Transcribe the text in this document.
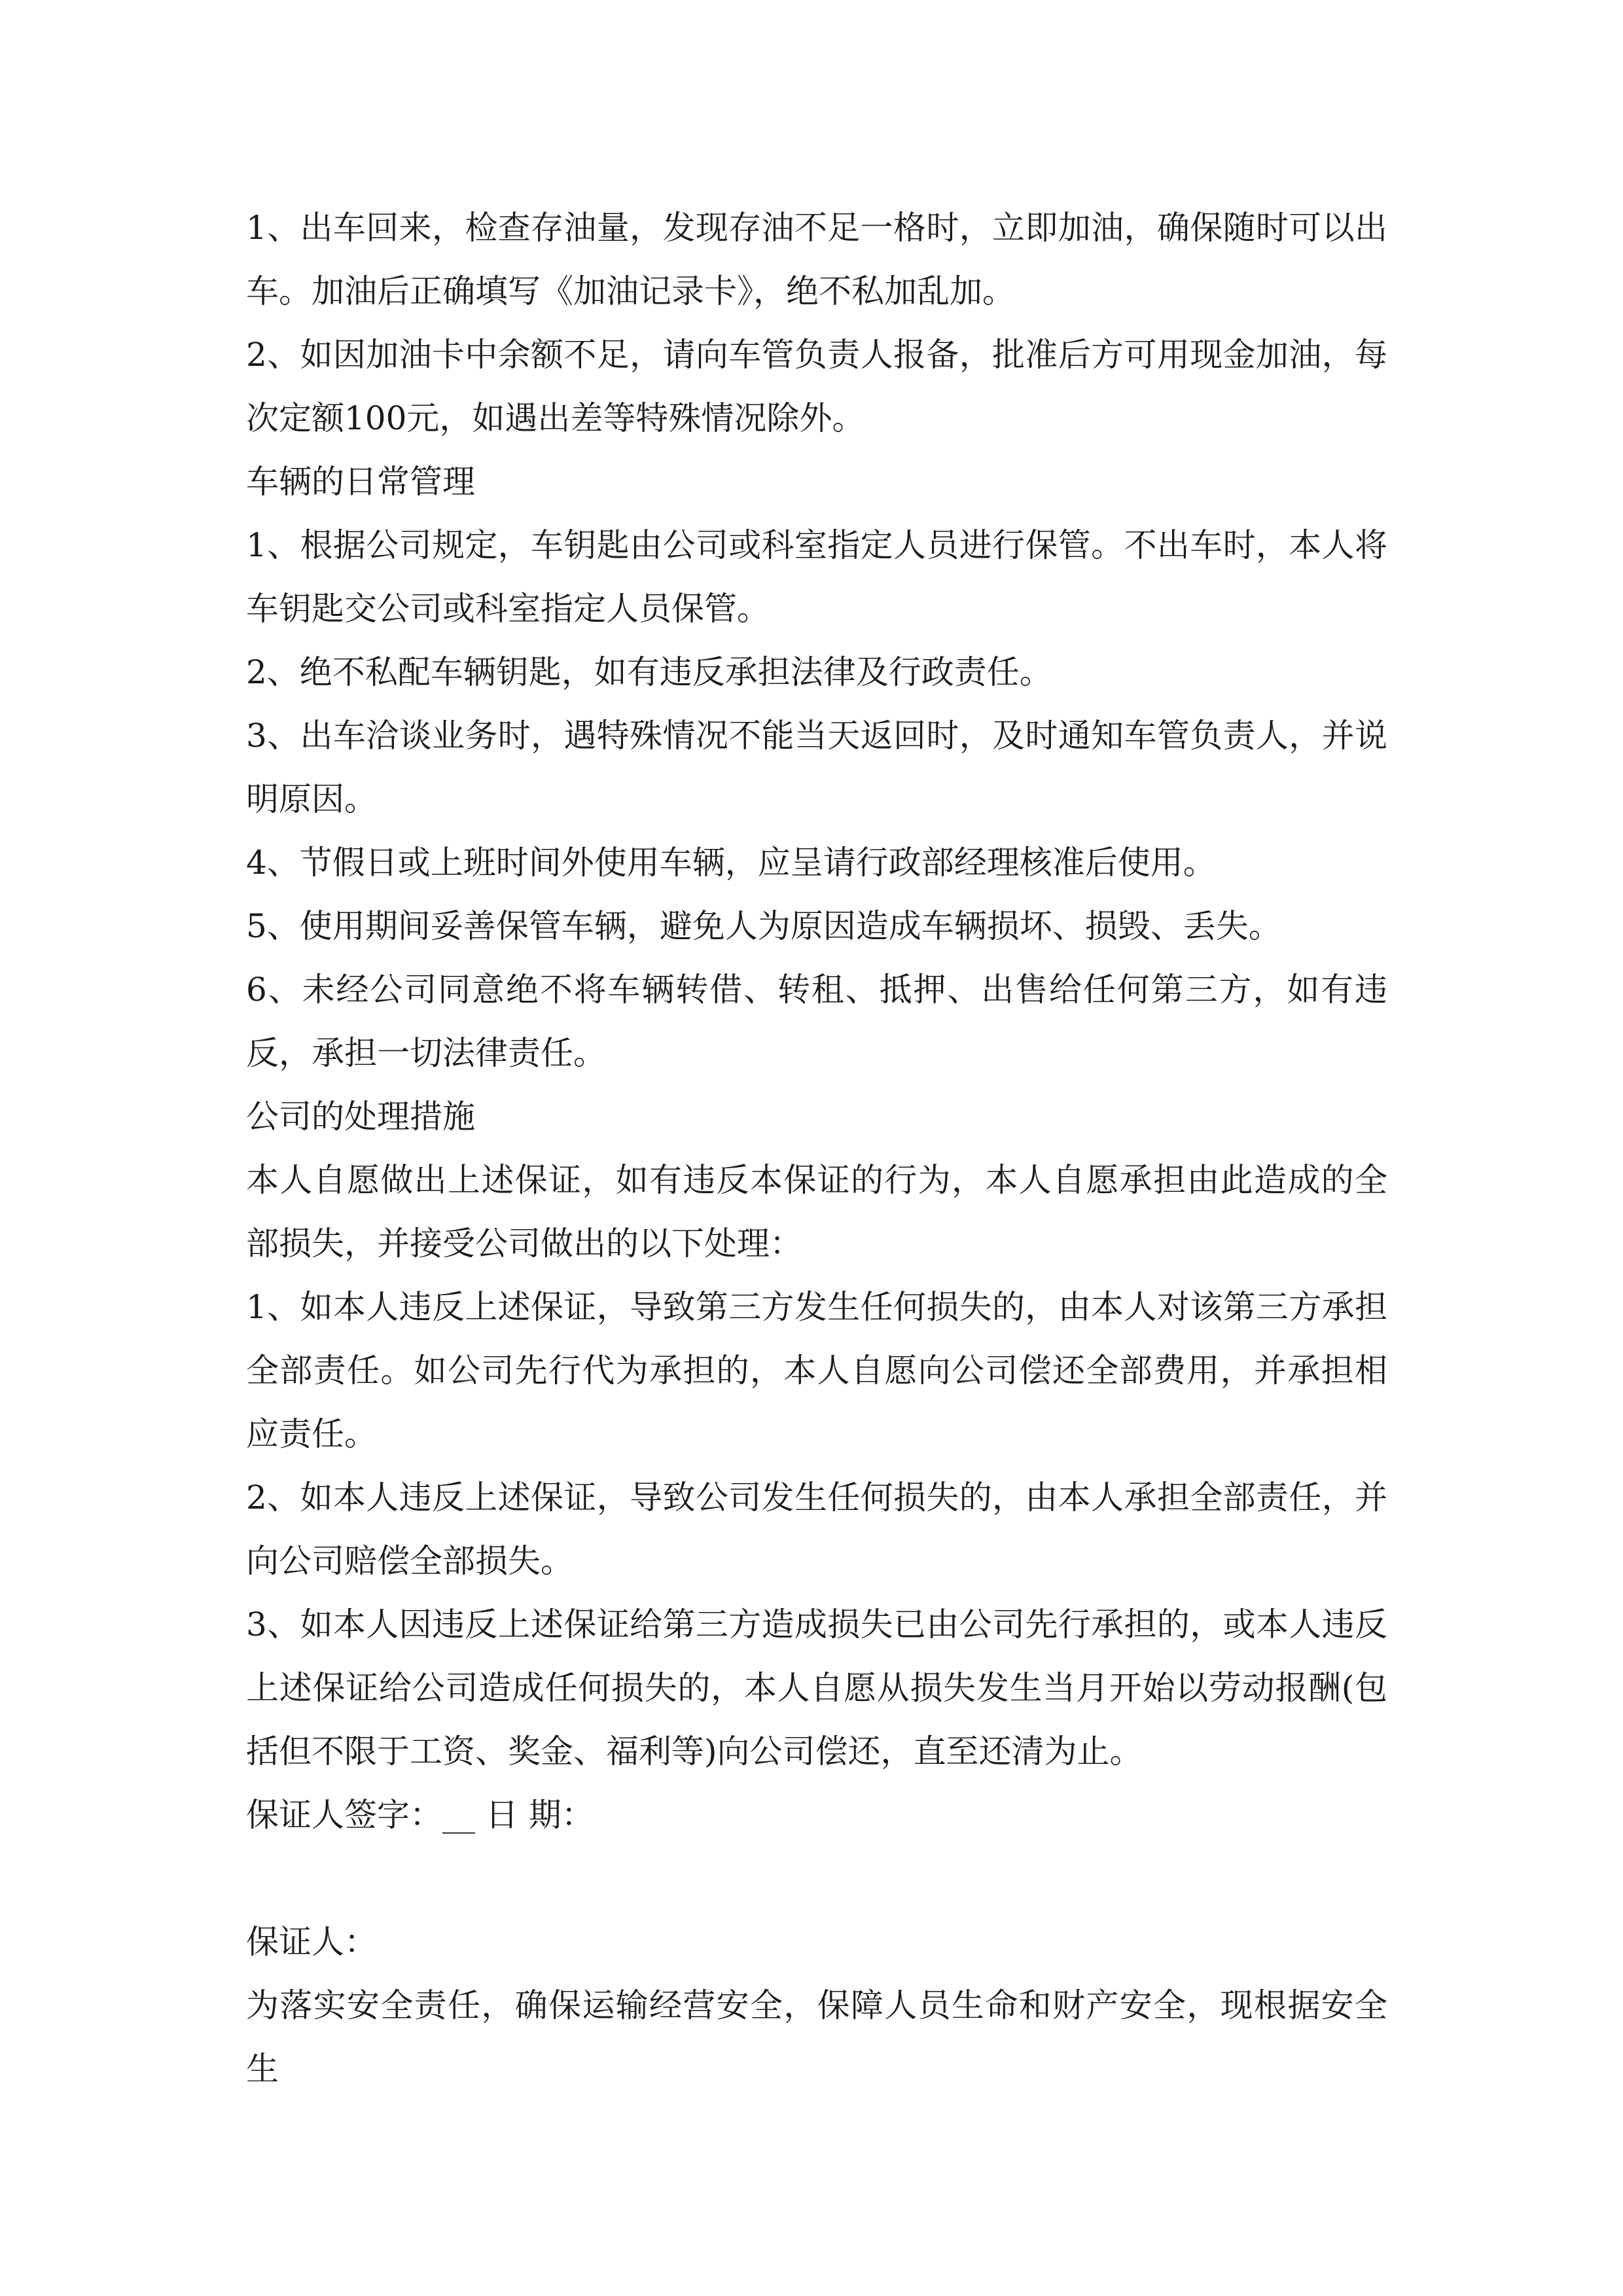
1、出车回来，检查存油量，发现存油不足一格时，立即加油，确保随时可以出车。加油后正确填写《加油记录卡》，绝不私加乱加。

2、如因加油卡中余额不足，请向车管负责人报备，批准后方可用现金加油，每次定额100元，如遇出差等特殊情况除外。

车辆的日常管理

1、根据公司规定，车钥匙由公司或科室指定人员进行保管。不出车时，本人将车钥匙交公司或科室指定人员保管。

2、绝不私配车辆钥匙，如有违反承担法律及行政责任。

3、出车洽谈业务时，遇特殊情况不能当天返回时，及时通知车管负责人，并说明原因。

4、节假日或上班时间外使用车辆，应呈请行政部经理核准后使用。

5、使用期间妥善保管车辆，避免人为原因造成车辆损坏、损毁、丢失。

6、未经公司同意绝不将车辆转借、转租、抵押、出售给任何第三方，如有违反，承担一切法律责任。

公司的处理措施

本人自愿做出上述保证，如有违反本保证的行为，本人自愿承担由此造成的全部损失，并接受公司做出的以下处理：

1、如本人违反上述保证，导致第三方发生任何损失的，由本人对该第三方承担全部责任。如公司先行代为承担的，本人自愿向公司偿还全部费用，并承担相应责任。

2、如本人违反上述保证，导致公司发生任何损失的，由本人承担全部责任，并向公司赔偿全部损失。

3、如本人因违反上述保证给第三方造成损失已由公司先行承担的，或本人违反上述保证给公司造成任何损失的，本人自愿从损失发生当月开始以劳动报酬(包括但不限于工资、奖金、福利等)向公司偿还，直至还清为止。

保证人签字：__ 日 期：

保证人：

为落实安全责任，确保运输经营安全，保障人员生命和财产安全，现根据安全生
